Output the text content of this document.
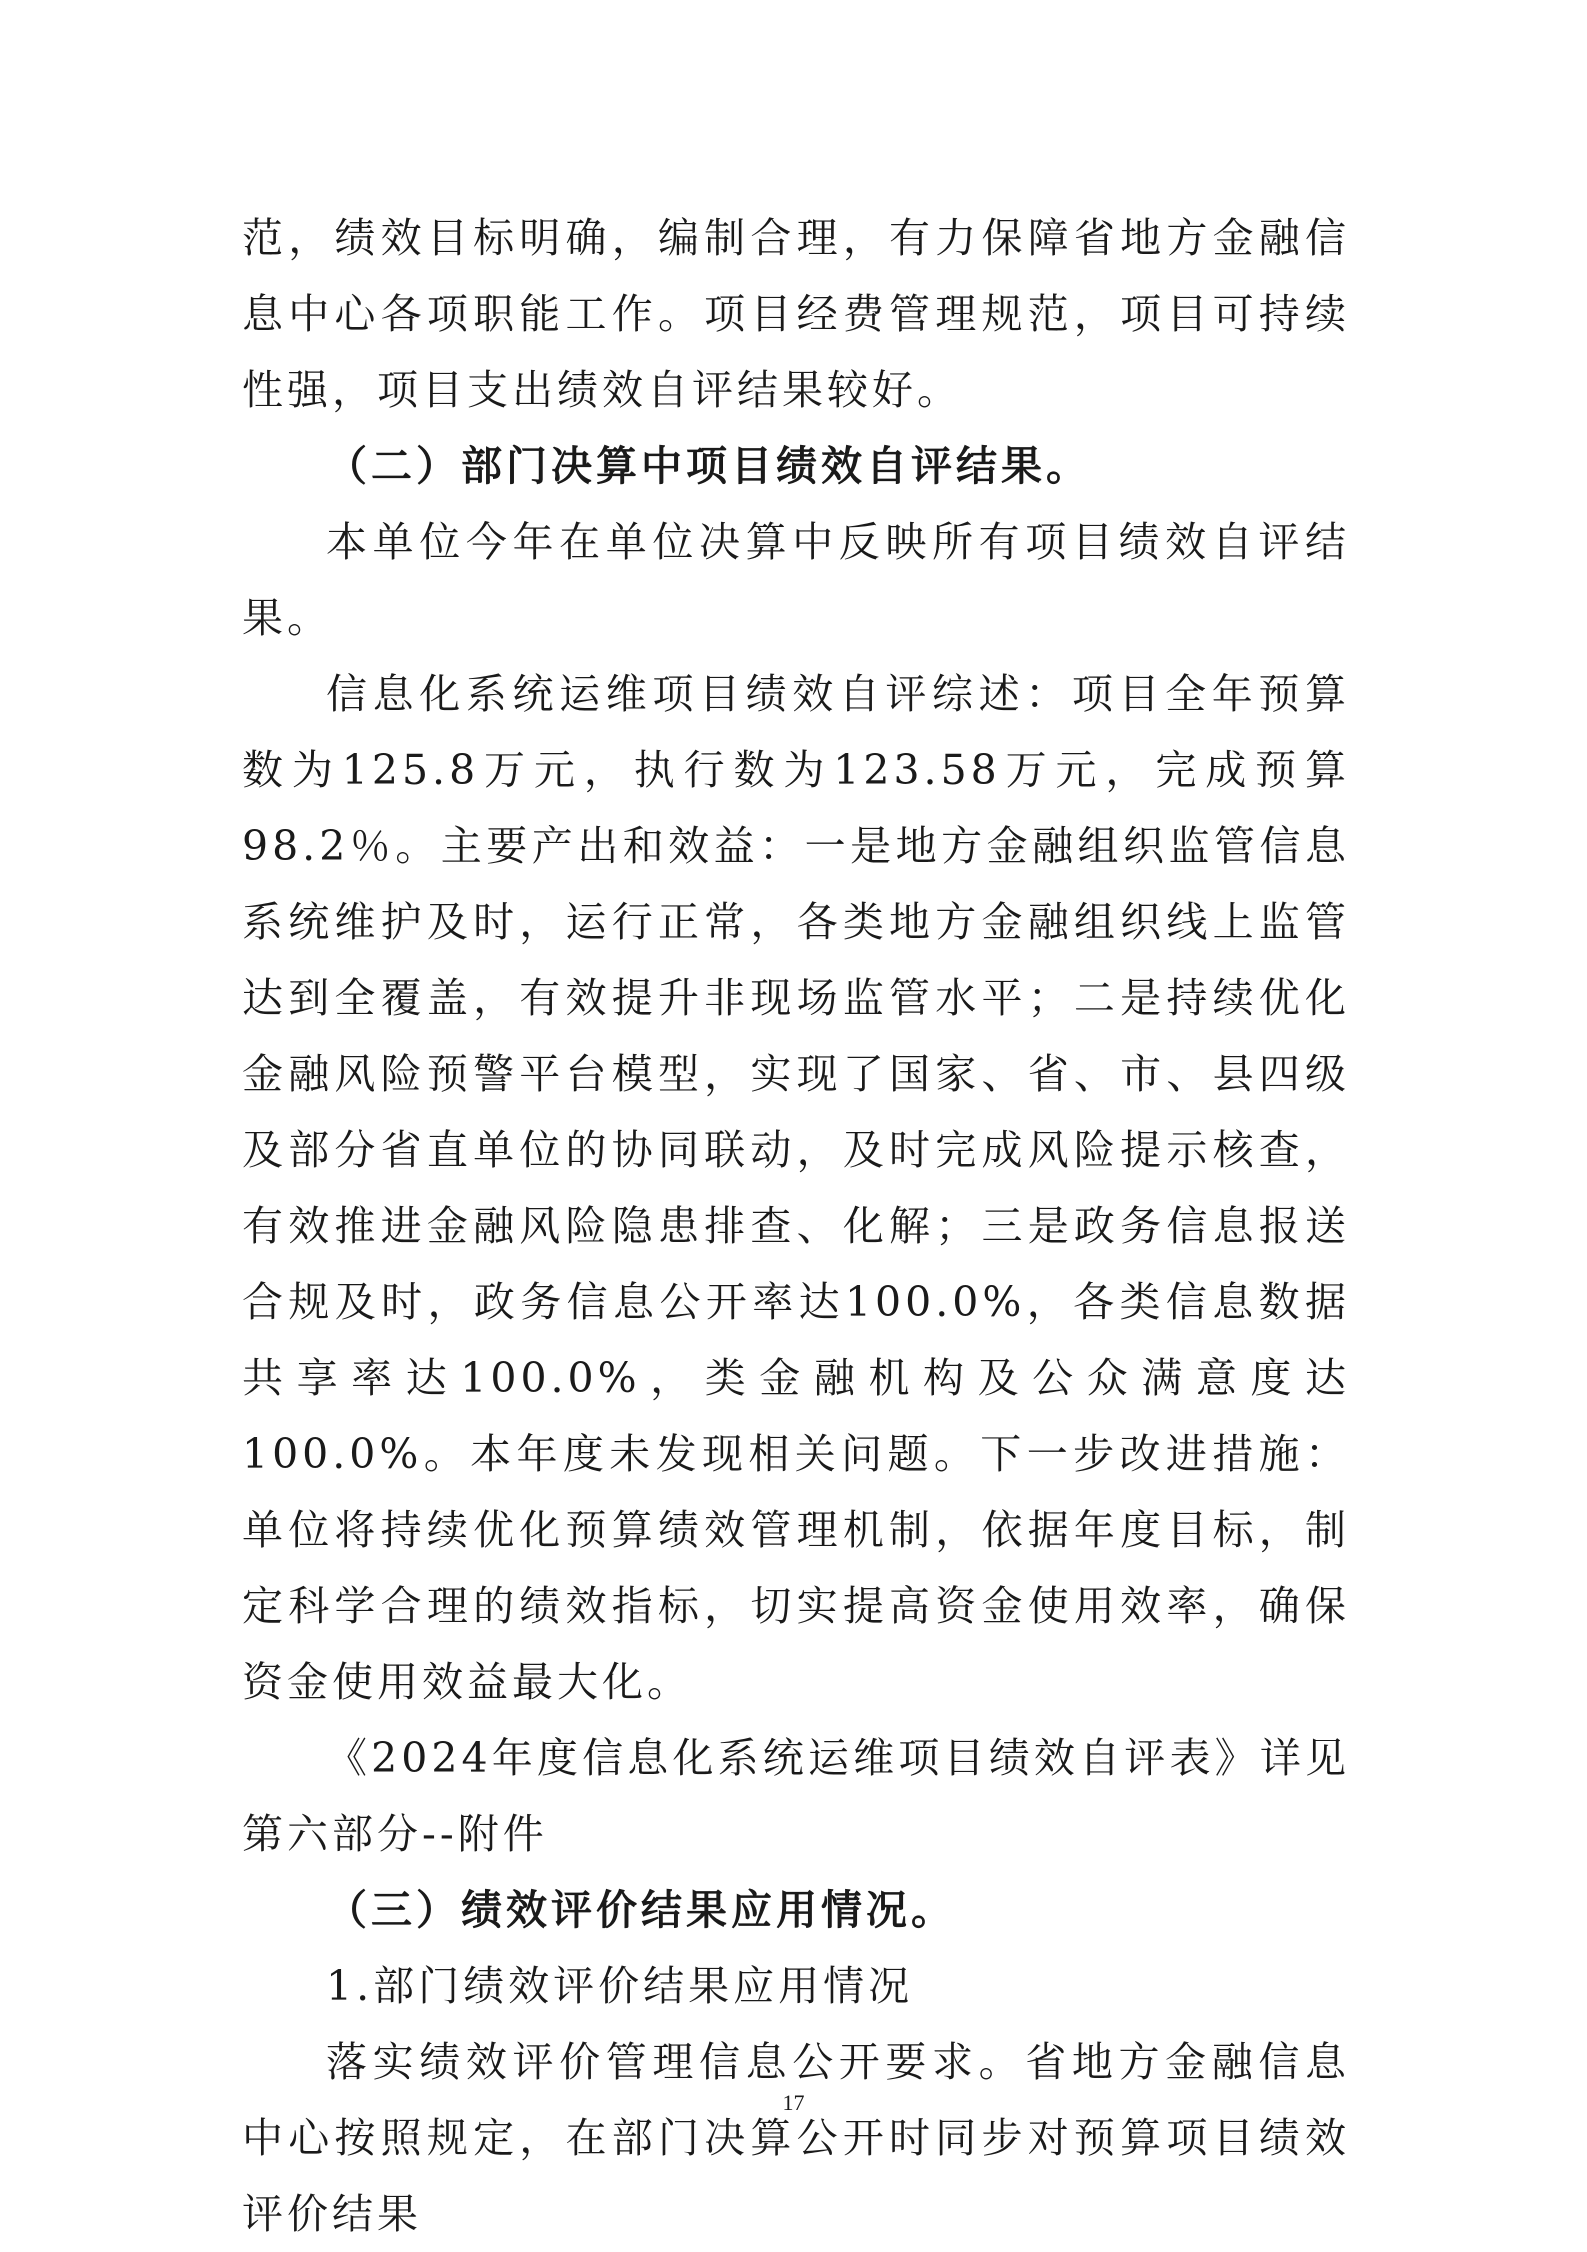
范，绩效目标明确，编制合理，有力保障省地方金融信息中心各项职能工作。项目经费管理规范，项目可持续性强，项目支出绩效自评结果较好。

（二）部门决算中项目绩效自评结果。

本单位今年在单位决算中反映所有项目绩效自评结果。

信息化系统运维项目绩效自评综述：项目全年预算数为125.8万元，执行数为123.58万元，完成预算98.2％。主要产出和效益：一是地方金融组织监管信息系统维护及时，运行正常，各类地方金融组织线上监管达到全覆盖，有效提升非现场监管水平；二是持续优化金融风险预警平台模型，实现了国家、省、市、县四级及部分省直单位的协同联动，及时完成风险提示核查，有效推进金融风险隐患排查、化解；三是政务信息报送合规及时，政务信息公开率达100.0%，各类信息数据共享率达100.0%，类金融机构及公众满意度达100.0%。本年度未发现相关问题。下一步改进措施：单位将持续优化预算绩效管理机制，依据年度目标，制定科学合理的绩效指标，切实提高资金使用效率，确保资金使用效益最大化。

《2024年度信息化系统运维项目绩效自评表》详见第六部分--附件

（三）绩效评价结果应用情况。

1.部门绩效评价结果应用情况

落实绩效评价管理信息公开要求。省地方金融信息中心按照规定，在部门决算公开时同步对预算项目绩效评价结果

17
